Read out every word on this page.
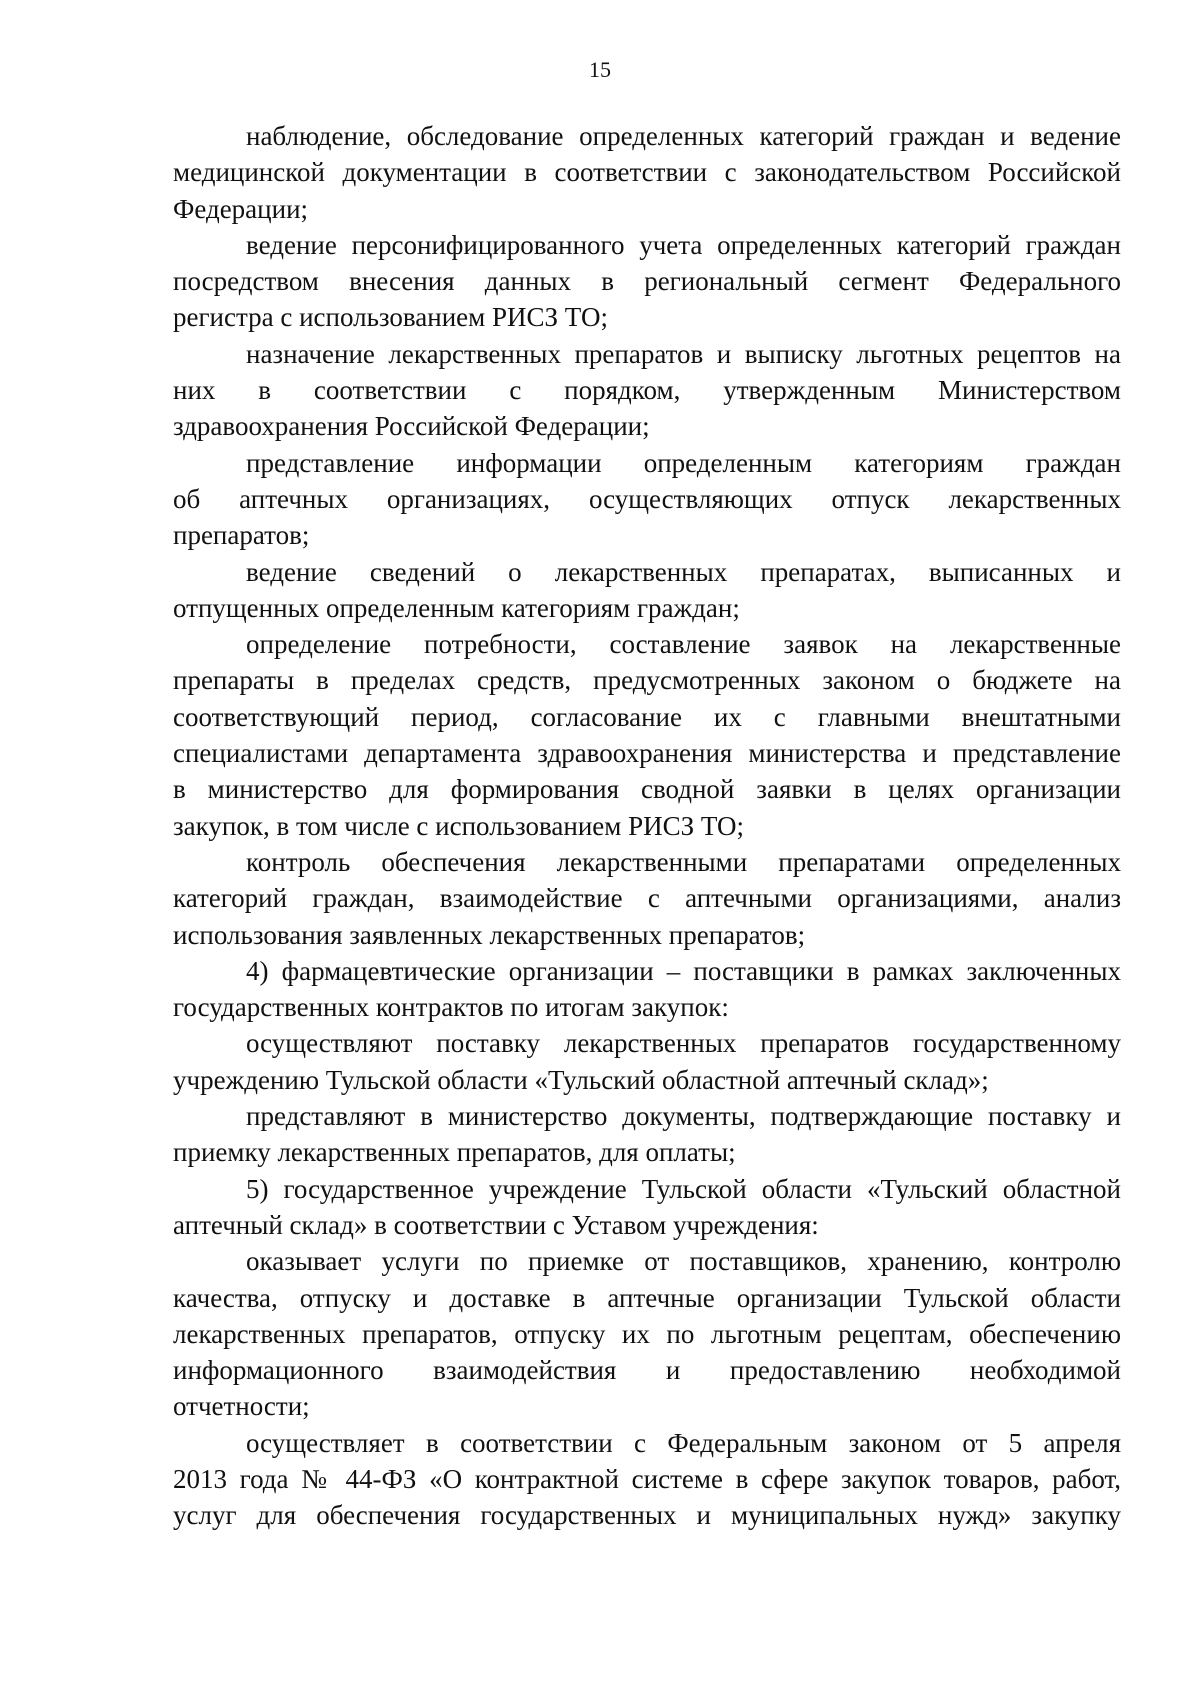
15
наблюдение, обследование определенных категорий граждан и ведение
медицинской документации в соответствии с законодательством Российской
Федерации;
ведение персонифицированного учета определенных категорий граждан
посредством внесения данных в региональный сегмент Федерального
регистра с использованием РИСЗ ТО;
назначение лекарственных препаратов и выписку льготных рецептов на
них в соответствии с порядком, утвержденным Министерством
здравоохранения Российской Федерации;
представление информации определенным категориям граждан
об аптечных организациях, осуществляющих отпуск лекарственных
препаратов;
ведение сведений о лекарственных препаратах, выписанных и
отпущенных определенным категориям граждан;
определение потребности, составление заявок на лекарственные
препараты в пределах средств, предусмотренных законом о бюджете на
соответствующий период, согласование их с главными внештатными
специалистами департамента здравоохранения министерства и представление
в министерство для формирования сводной заявки в целях организации
закупок, в том числе с использованием РИСЗ ТО;
контроль обеспечения лекарственными препаратами определенных
категорий граждан, взаимодействие с аптечными организациями, анализ
использования заявленных лекарственных препаратов;
4) фармацевтические организации – поставщики в рамках заключенных
государственных контрактов по итогам закупок:
осуществляют поставку лекарственных препаратов государственному
учреждению Тульской области «Тульский областной аптечный склад»;
представляют в министерство документы, подтверждающие поставку и
приемку лекарственных препаратов, для оплаты;
5) государственное учреждение Тульской области «Тульский областной
аптечный склад» в соответствии с Уставом учреждения:
оказывает услуги по приемке от поставщиков, хранению, контролю
качества, отпуску и доставке в аптечные организации Тульской области
лекарственных препаратов, отпуску их по льготным рецептам, обеспечению
информационного взаимодействия и предоставлению необходимой
отчетности;
осуществляет в соответствии с Федеральным законом от 5 апреля
2013 года № 44-ФЗ «О контрактной системе в сфере закупок товаров, работ,
услуг для обеспечения государственных и муниципальных нужд» закупку
